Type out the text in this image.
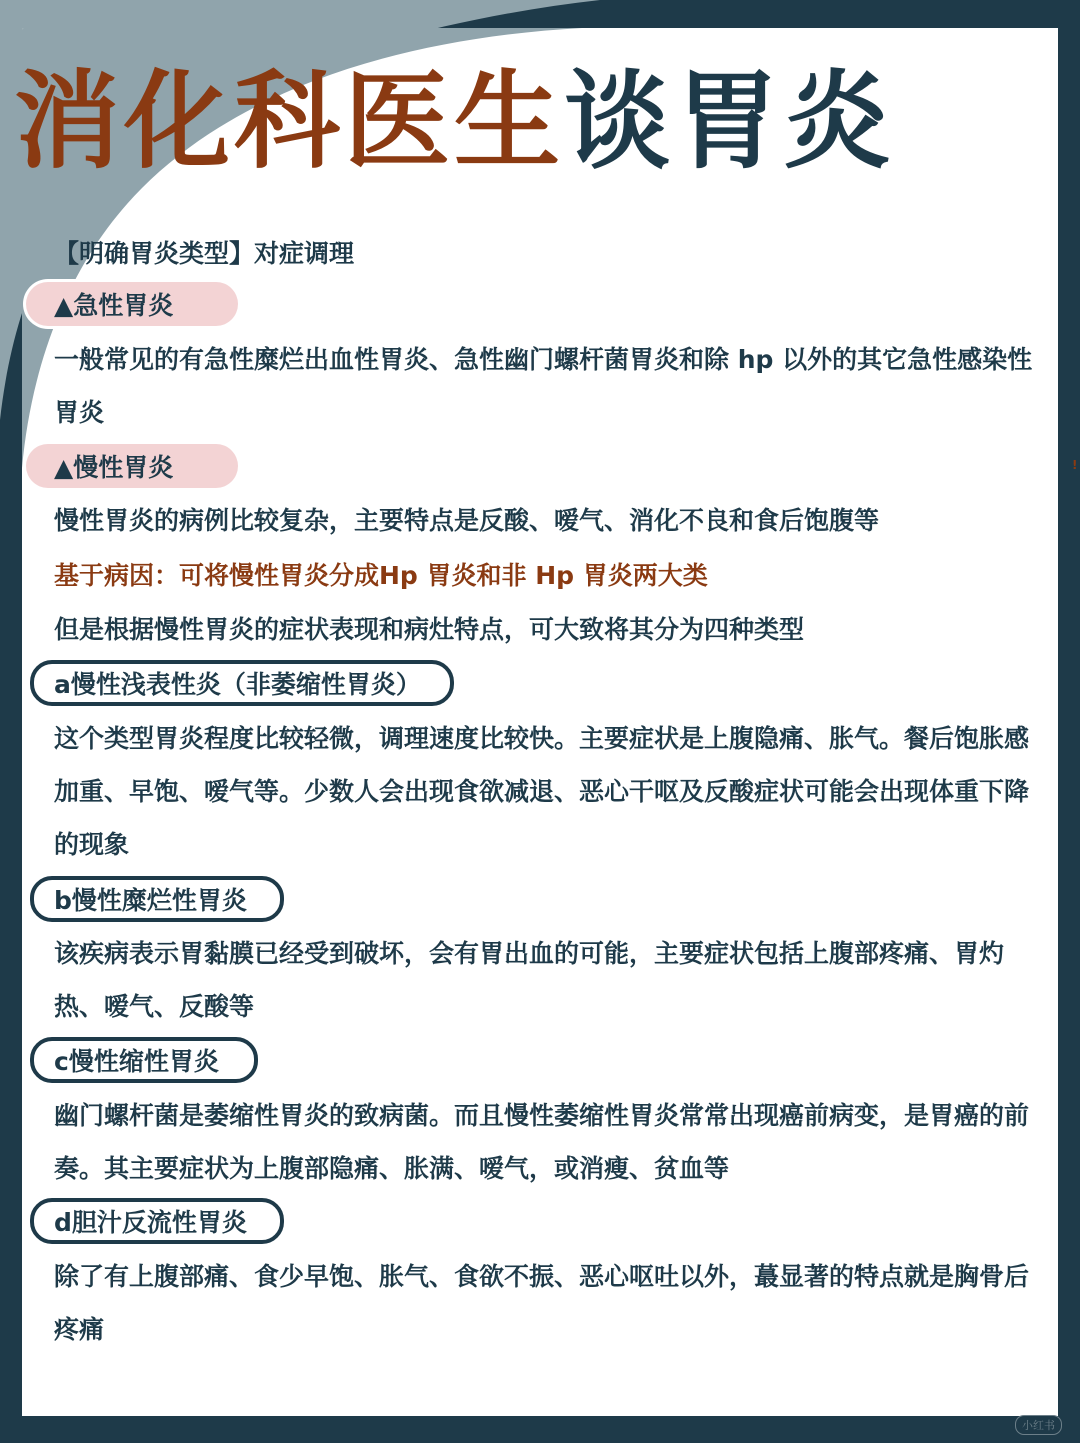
消化科医生谈胃炎
【明确胃炎类型】对症调理
▲急性胃炎
一般常见的有急性糜烂出血性胃炎、急性幽门螺杆菌胃炎和除 hp 以外的其它急性感染性胃炎
▲慢性胃炎
慢性胃炎的病例比较复杂，主要特点是反酸、嗳气、消化不良和食后饱腹等
基于病因：可将慢性胃炎分成Hp 胃炎和非 Hp 胃炎两大类
但是根据慢性胃炎的症状表现和病灶特点，可大致将其分为四种类型
a慢性浅表性炎（非萎缩性胃炎）
这个类型胃炎程度比较轻微，调理速度比较快。主要症状是上腹隐痛、胀气。餐后饱胀感加重、早饱、嗳气等。少数人会出现食欲减退、恶心干呕及反酸症状可能会出现体重下降的现象
b慢性糜烂性胃炎
该疾病表示胃黏膜已经受到破坏，会有胃出血的可能，主要症状包括上腹部疼痛、胃灼热、嗳气、反酸等
c慢性缩性胃炎
幽门螺杆菌是萎缩性胃炎的致病菌。而且慢性萎缩性胃炎常常出现癌前病变，是胃癌的前奏。其主要症状为上腹部隐痛、胀满、嗳气，或消瘦、贫血等
d胆汁反流性胃炎
除了有上腹部痛、食少早饱、胀气、食欲不振、恶心呕吐以外，蕞显著的特点就是胸骨后疼痛
!
小红书
